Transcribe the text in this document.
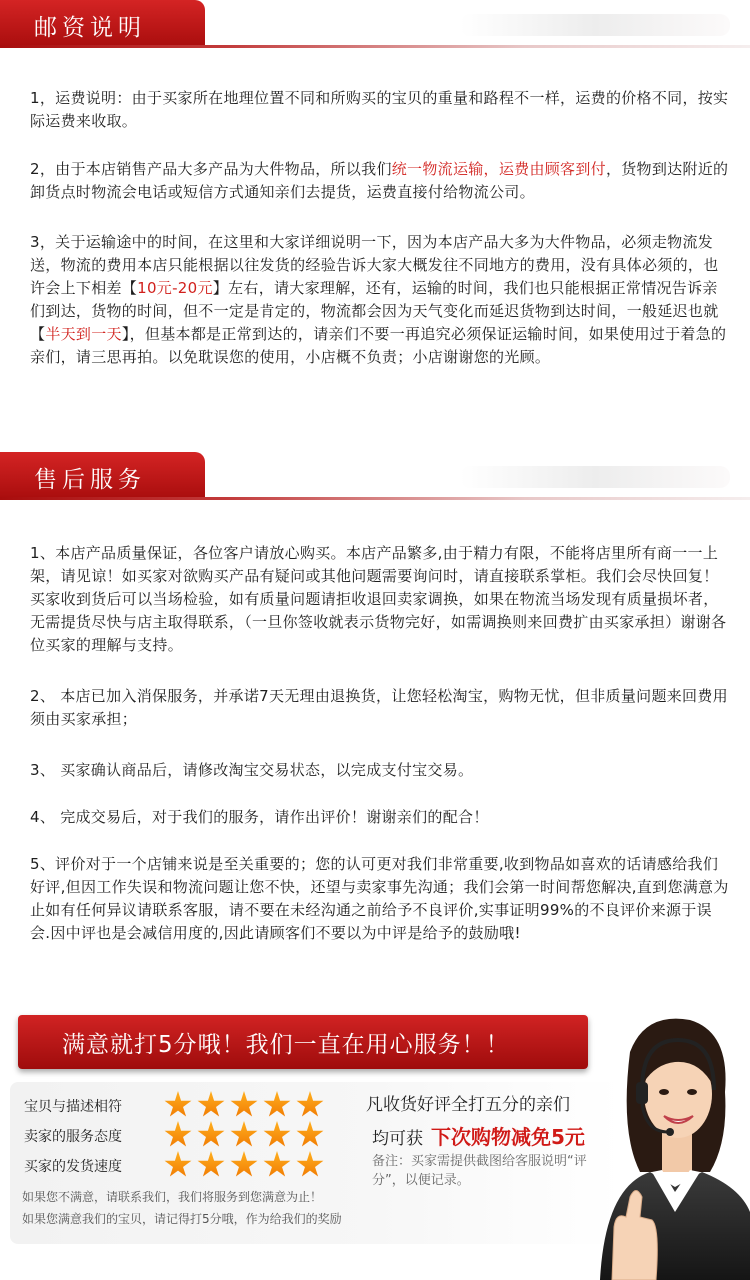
邮资说明

1，运费说明：由于买家所在地理位置不同和所购买的宝贝的重量和路程不一样，运费的价格不同，按实际运费来收取。

2，由于本店销售产品大多产品为大件物品，所以我们统一物流运输，运费由顾客到付，货物到达附近的卸货点时物流会电话或短信方式通知亲们去提货，运费直接付给物流公司。

3，关于运输途中的时间，在这里和大家详细说明一下，因为本店产品大多为大件物品，必须走物流发送，物流的费用本店只能根据以往发货的经验告诉大家大概发往不同地方的费用，没有具体必须的，也许会上下相差【10元-20元】左右，请大家理解，还有，运输的时间，我们也只能根据正常情况告诉亲们到达，货物的时间，但不一定是肯定的，物流都会因为天气变化而延迟货物到达时间，一般延迟也就【半天到一天】，但基本都是正常到达的，请亲们不要一再追究必须保证运输时间，如果使用过于着急的亲们，请三思再拍。以免耽误您的使用，小店概不负责；小店谢谢您的光顾。

售后服务

1、本店产品质量保证，各位客户请放心购买。本店产品繁多,由于精力有限，不能将店里所有商一一上架，请见谅！如买家对欲购买产品有疑问或其他问题需要询问时，请直接联系掌柜。我们会尽快回复！买家收到货后可以当场检验，如有质量问题请拒收退回卖家调换，如果在物流当场发现有质量损坏者，无需提货尽快与店主取得联系，（一旦你签收就表示货物完好，如需调换则来回费扩由买家承担）谢谢各位买家的理解与支持。

2、 本店已加入消保服务，并承诺7天无理由退换货，让您轻松淘宝，购物无忧，但非质量问题来回费用须由买家承担；

3、 买家确认商品后，请修改淘宝交易状态，以完成支付宝交易。

4、 完成交易后，对于我们的服务，请作出评价！谢谢亲们的配合！

5、评价对于一个店铺来说是至关重要的；您的认可更对我们非常重要,收到物品如喜欢的话请感给我们好评,但因工作失误和物流问题让您不快，还望与卖家事先沟通；我们会第一时间帮您解决,直到您满意为止如有任何异议请联系客服，请不要在未经沟通之前给予不良评价,实事证明99%的不良评价来源于误会.因中评也是会减信用度的,因此请顾客们不要以为中评是给予的鼓励哦!

满意就打5分哦！我们一直在用心服务！！
宝贝与描述相符
卖家的服务态度
买家的发货速度
如果您不满意，请联系我们，我们将服务到您满意为止！
如果您满意我们的宝贝，请记得打5分哦，作为给我们的奖励
凡收货好评全打五分的亲们
均可获 下次购物减免5元
备注：买家需提供截图给客服说明“评分”，以便记录。
